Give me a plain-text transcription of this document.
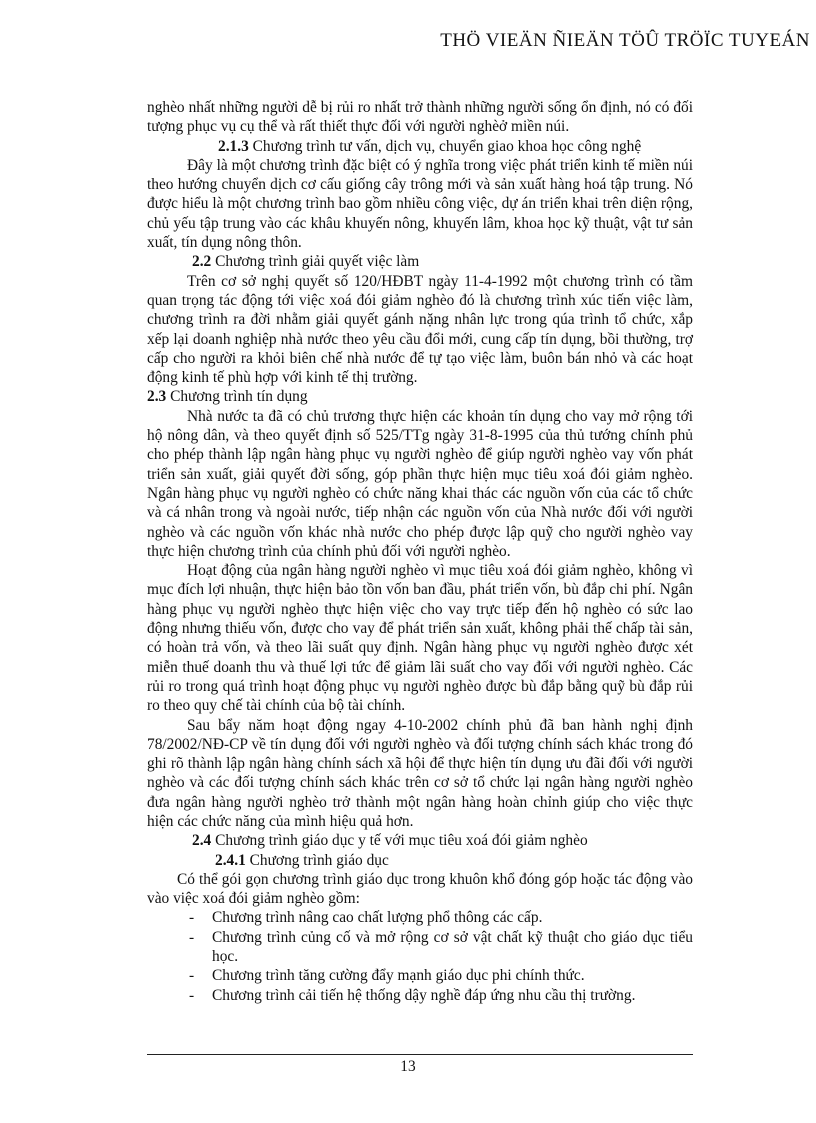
THÖ VIEÄN ÑIEÄN TÖÛ TRÖÏC TUYEÁN

nghèo nhất những người dễ bị rủi ro nhất trở thành những người sống ổn định, nó có đối tượng phục vụ cụ thể và rất thiết thực đối với người nghèở miền núi.

2.1.3 Chương trình tư vấn, dịch vụ, chuyển giao khoa học công nghệ

Đây là một chương trình đặc biệt có ý nghĩa trong việc phát triển kinh tế miền núi theo hướng chuyển dịch cơ cấu giống cây trông mới và sản xuất hàng hoá tập trung. Nó được hiểu là một chương trình bao gồm nhiều công việc, dự án triển khai trên diện rộng, chủ yếu tập trung vào các khâu khuyến nông, khuyến lâm, khoa học kỹ thuật, vật tư sản xuất, tín dụng nông thôn.

2.2 Chương trình giải quyết việc làm

Trên cơ sở nghị quyết số 120/HĐBT ngày 11-4-1992 một chương trình có tầm quan trọng tác động tới việc xoá đói giảm nghèo đó là chương trình xúc tiến việc làm, chương trình ra đời nhằm giải quyết gánh nặng nhân lực trong qúa trình tổ chức, xắp xếp lại doanh nghiệp nhà nước theo yêu cầu đổi mới, cung cấp tín dụng, bồi thường, trợ cấp cho người ra khỏi biên chế nhà nước để tự tạo việc làm, buôn bán nhỏ và các hoạt động kinh tế phù hợp với kinh tế thị trường.

2.3 Chương trình tín dụng

Nhà nước ta đã có chủ trương thực hiện các khoản tín dụng cho vay mở rộng tới hộ nông dân, và theo quyết định số 525/TTg ngày 31-8-1995 của thủ tướng chính phủ cho phép thành lập ngân hàng phục vụ người nghèo để giúp người nghèo vay vốn phát triển sản xuất, giải quyết đời sống, góp phần thực hiện mục tiêu xoá đói giảm nghèo. Ngân hàng phục vụ người nghèo có chức năng khai thác các nguồn vốn của các tổ chức và cá nhân trong và ngoài nước, tiếp nhận các nguồn vốn của Nhà nước đối với người nghèo và các nguồn vốn khác nhà nước cho phép được lập quỹ cho người nghèo vay thực hiện chương trình của chính phủ đối với người nghèo.

Hoạt động của ngân hàng người nghèo vì mục tiêu xoá đói giảm nghèo, không vì mục đích lợi nhuận, thực hiện bảo tồn vốn ban đầu, phát triển vốn, bù đắp chi phí. Ngân hàng phục vụ người nghèo thực hiện việc cho vay trực tiếp đến hộ nghèo có sức lao động nhưng thiếu vốn, được cho vay để phát triển sản xuất, không phải thế chấp tài sản, có hoàn trả vốn, và theo lãi suất quy định. Ngân hàng phục vụ người nghèo được xét miễn thuế doanh thu và thuế lợi tức để giảm lãi suất cho vay đối với người nghèo. Các rủi ro trong quá trình hoạt động phục vụ người nghèo được bù đắp bằng quỹ bù đắp rủi ro theo quy chế tài chính của bộ tài chính.

Sau bẩy năm hoạt động ngay 4-10-2002 chính phủ đã ban hành nghị định 78/2002/NĐ-CP về tín dụng đối với người nghèo và đối tượng chính sách khác trong đó ghi rõ thành lập ngân hàng chính sách xã hội để thực hiện tín dụng ưu đãi đối với người nghèo và các đối tượng chính sách khác trên cơ sở tổ chức lại ngân hàng người nghèo đưa ngân hàng người nghèo trở thành một ngân hàng hoàn chỉnh giúp cho việc thực hiện các chức năng của mình hiệu quả hơn.

2.4 Chương trình giáo dục y tế với mục tiêu xoá đói giảm nghèo

2.4.1 Chương trình giáo dục

Có thể gói gọn chương trình giáo dục trong khuôn khổ đóng góp hoặc tác động vào vào việc xoá đói giảm nghèo gồm:

- Chương trình nâng cao chất lượng phổ thông các cấp.
- Chương trình củng cố và mở rộng cơ sở vật chất kỹ thuật cho giáo dục tiểu học.
- Chương trình tăng cường đẩy mạnh giáo dục phi chính thức.
- Chương trình cải tiến hệ thống dậy nghề đáp ứng nhu cầu thị trường.
13
